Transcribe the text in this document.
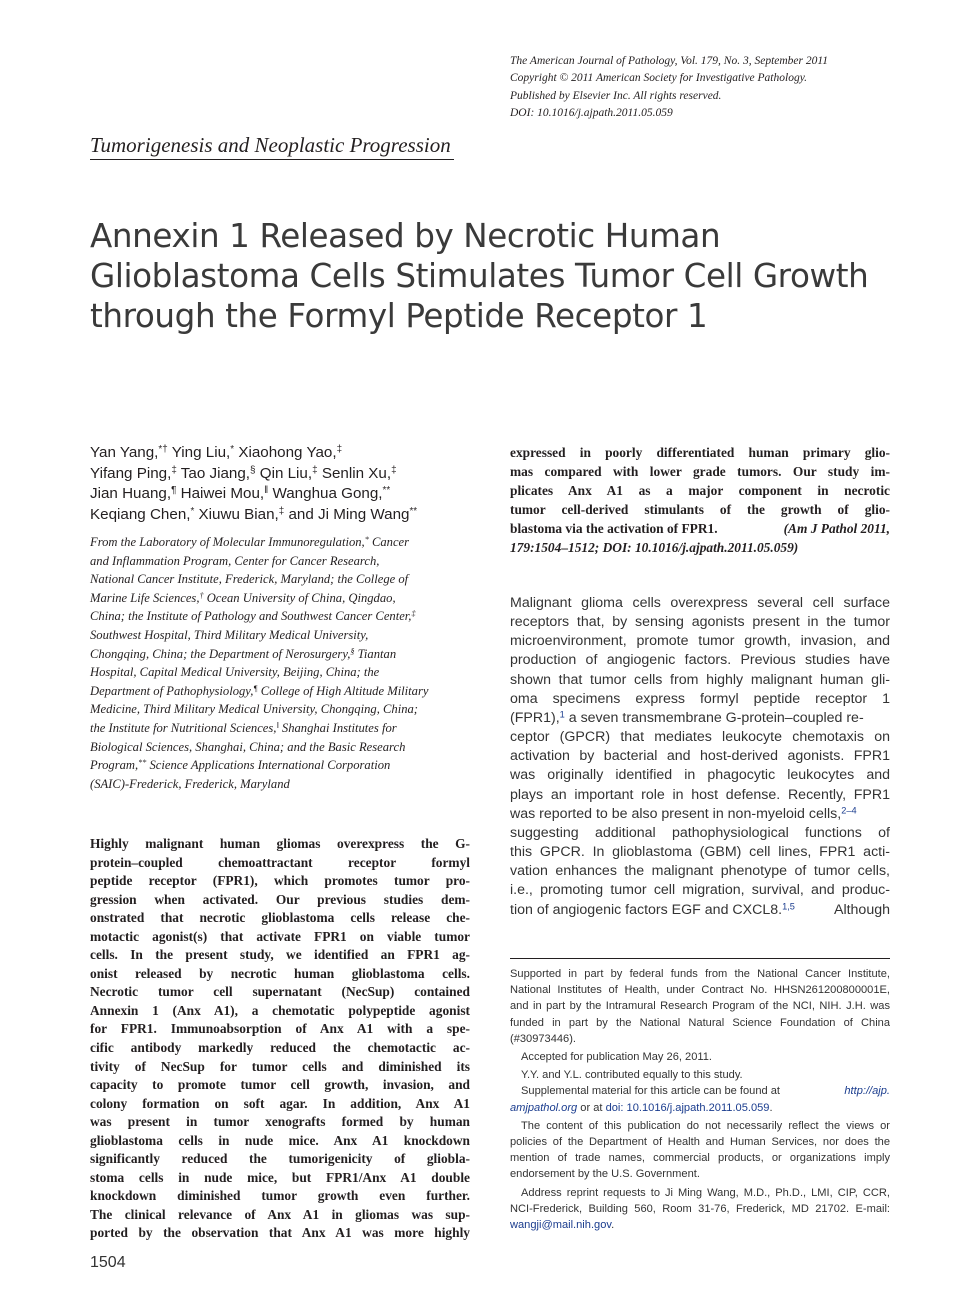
The American Journal of Pathology, Vol. 179, No. 3, September 2011
Copyright © 2011 American Society for Investigative Pathology.
Published by Elsevier Inc. All rights reserved.
DOI: 10.1016/j.ajpath.2011.05.059
Tumorigenesis and Neoplastic Progression
Annexin 1 Released by Necrotic Human
Glioblastoma Cells Stimulates Tumor Cell Growth
through the Formyl Peptide Receptor 1
Yan Yang,*† Ying Liu,* Xiaohong Yao,‡
Yifang Ping,‡ Tao Jiang,§ Qin Liu,‡ Senlin Xu,‡
Jian Huang,¶ Haiwei Mou,‖ Wanghua Gong,**
Keqiang Chen,* Xiuwu Bian,‡ and Ji Ming Wang**
From the Laboratory of Molecular Immunoregulation,* Cancer
and Inflammation Program, Center for Cancer Research,
National Cancer Institute, Frederick, Maryland; the College of
Marine Life Sciences,† Ocean University of China, Qingdao,
China; the Institute of Pathology and Southwest Cancer Center,‡
Southwest Hospital, Third Military Medical University,
Chongqing, China; the Department of Nerosurgery,§ Tiantan
Hospital, Capital Medical University, Beijing, China; the
Department of Pathophysiology,¶ College of High Altitude Military
Medicine, Third Military Medical University, Chongqing, China;
the Institute for Nutritional Sciences,‖ Shanghai Institutes for
Biological Sciences, Shanghai, China; and the Basic Research
Program,** Science Applications International Corporation
(SAIC)-Frederick, Frederick, Maryland
Highly malignant human gliomas overexpress the G-
protein–coupled chemoattractant receptor formyl
peptide receptor (FPR1), which promotes tumor pro-
gression when activated. Our previous studies dem-
onstrated that necrotic glioblastoma cells release che-
motactic agonist(s) that activate FPR1 on viable tumor
cells. In the present study, we identified an FPR1 ag-
onist released by necrotic human glioblastoma cells.
Necrotic tumor cell supernatant (NecSup) contained
Annexin 1 (Anx A1), a chemotatic polypeptide agonist
for FPR1. Immunoabsorption of Anx A1 with a spe-
cific antibody markedly reduced the chemotactic ac-
tivity of NecSup for tumor cells and diminished its
capacity to promote tumor cell growth, invasion, and
colony formation on soft agar. In addition, Anx A1
was present in tumor xenografts formed by human
glioblastoma cells in nude mice. Anx A1 knockdown
significantly reduced the tumorigenicity of gliobla-
stoma cells in nude mice, but FPR1/Anx A1 double
knockdown diminished tumor growth even further.
The clinical relevance of Anx A1 in gliomas was sup-
ported by the observation that Anx A1 was more highly
expressed in poorly differentiated human primary glio-
mas compared with lower grade tumors. Our study im-
plicates Anx A1 as a major component in necrotic
tumor cell-derived stimulants of the growth of glio-
blastoma via the activation of FPR1.	(Am J Pathol 2011,
179:1504–1512; DOI: 10.1016/j.ajpath.2011.05.059)
Malignant glioma cells overexpress several cell surface
receptors that, by sensing agonists present in the tumor
microenvironment, promote tumor growth, invasion, and
production of angiogenic factors. Previous studies have
shown that tumor cells from highly malignant human gli-
oma specimens express formyl peptide receptor 1
(FPR1),$^1$ a seven transmembrane G-protein–coupled re-
ceptor (GPCR) that mediates leukocyte chemotaxis on
activation by bacterial and host-derived agonists. FPR1
was originally identified in phagocytic leukocytes and
plays an important role in host defense. Recently, FPR1
was reported to be also present in non-myeloid cells,$^{2-4}$
suggesting additional pathophysiological functions of
this GPCR. In glioblastoma (GBM) cell lines, FPR1 acti-
vation enhances the malignant phenotype of tumor cells,
i.e., promoting tumor cell migration, survival, and produc-
tion of angiogenic factors EGF and CXCL8.$^{1,5}$	Although
Supported in part by federal funds from the National Cancer Institute,
National Institutes of Health, under Contract No. HHSN261200800001E,
and in part by the Intramural Research Program of the NCI, NIH. J.H. was
funded in part by the National Natural Science Foundation of China
(#30973446).
Accepted for publication May 26, 2011.
Y.Y. and Y.L. contributed equally to this study.
Supplemental material for this article can be found at	http://ajp.
amjpathol.org or at doi: 10.1016/j.ajpath.2011.05.059.
The content of this publication do not necessarily reflect the views or
policies of the Department of Health and Human Services, nor does the
mention of trade names, commercial products, or organizations imply
endorsement by the U.S. Government.
Address reprint requests to Ji Ming Wang, M.D., Ph.D., LMI, CIP, CCR,
NCI-Frederick, Building 560, Room 31-76, Frederick, MD 21702. E-mail:
wangji@mail.nih.gov.
1504
